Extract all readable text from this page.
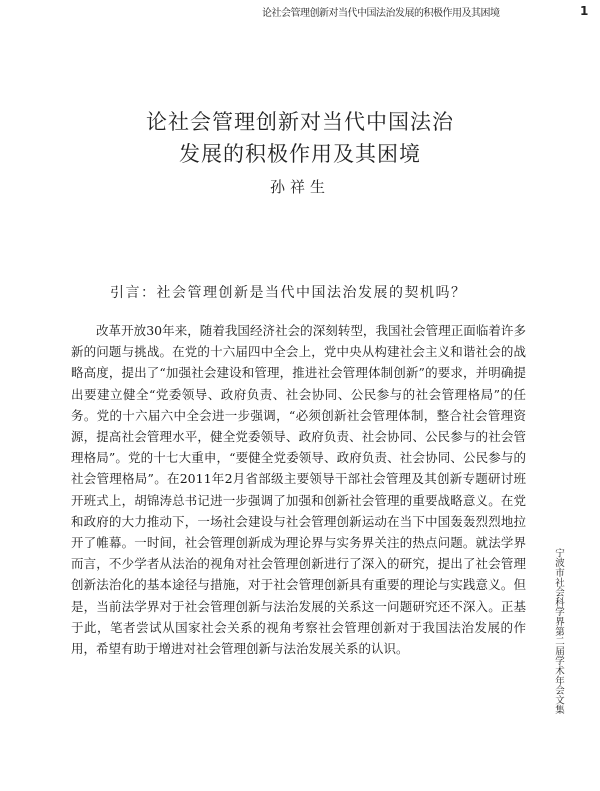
论社会管理创新对当代中国法治发展的积极作用及其困境	1
论社会管理创新对当代中国法治
发展的积极作用及其困境
孙祥生
引言：社会管理创新是当代中国法治发展的契机吗？

改革开放30年来，随着我国经济社会的深刻转型，我国社会管理正面临着许多新的问题与挑战。在党的十六届四中全会上，党中央从构建社会主义和谐社会的战略高度，提出了“加强社会建设和管理，推进社会管理体制创新”的要求，并明确提出要建立健全“党委领导、政府负责、社会协同、公民参与的社会管理格局”的任务。党的十六届六中全会进一步强调，“必须创新社会管理体制，整合社会管理资源，提高社会管理水平，健全党委领导、政府负责、社会协同、公民参与的社会管理格局”。党的十七大重申，“要健全党委领导、政府负责、社会协同、公民参与的社会管理格局”。在2011年2月省部级主要领导干部社会管理及其创新专题研讨班开班式上，胡锦涛总书记进一步强调了加强和创新社会管理的重要战略意义。在党和政府的大力推动下，一场社会建设与社会管理创新运动在当下中国轰轰烈烈地拉开了帷幕。一时间，社会管理创新成为理论界与实务界关注的热点问题。就法学界而言，不少学者从法治的视角对社会管理创新进行了深入的研究，提出了社会管理创新法治化的基本途径与措施，对于社会管理创新具有重要的理论与实践意义。但是，当前法学界对于社会管理创新与法治发展的关系这一问题研究还不深入。正基于此，笔者尝试从国家社会关系的视角考察社会管理创新对于我国法治发展的作用，希望有助于增进对社会管理创新与法治发展关系的认识。	宁波市社会科学界第二届学术年会文集
